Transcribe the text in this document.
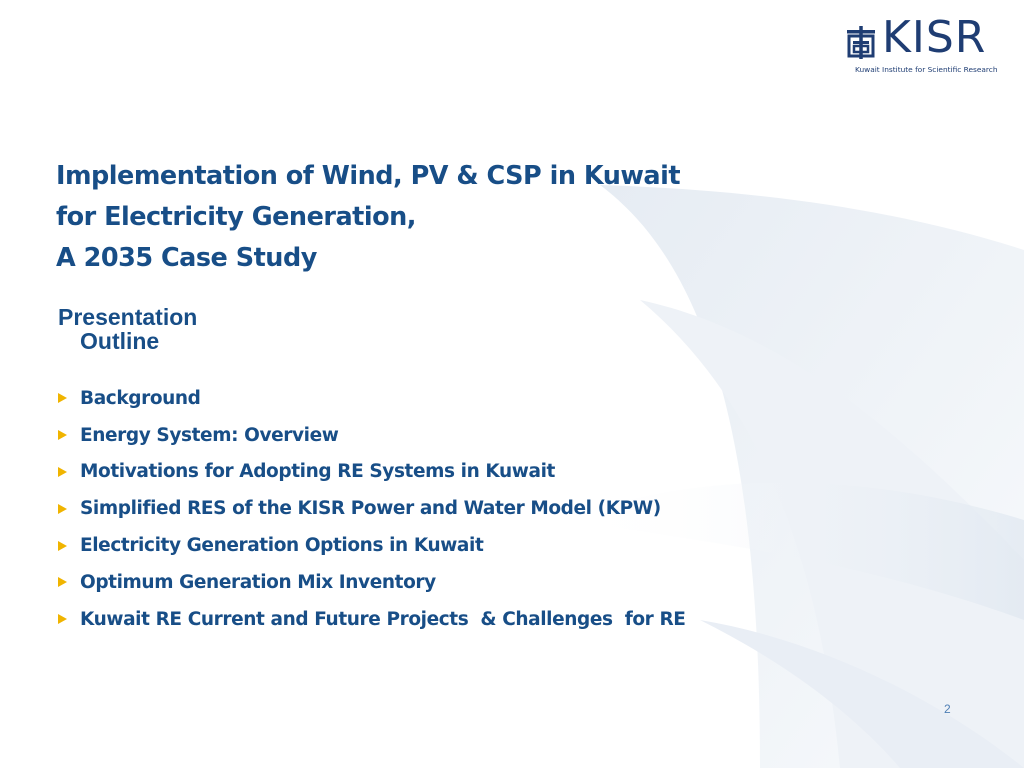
KISR
Kuwait Institute for Scientific Research
Implementation of Wind, PV & CSP in Kuwait
for Electricity Generation,
A 2035 Case Study
Presentation
Outline
Background
Energy System: Overview
Motivations for Adopting RE Systems in Kuwait
Simplified RES of the KISR Power and Water Model (KPW)
Electricity Generation Options in Kuwait
Optimum Generation Mix Inventory
Kuwait RE Current and Future Projects  & Challenges  for RE
2
